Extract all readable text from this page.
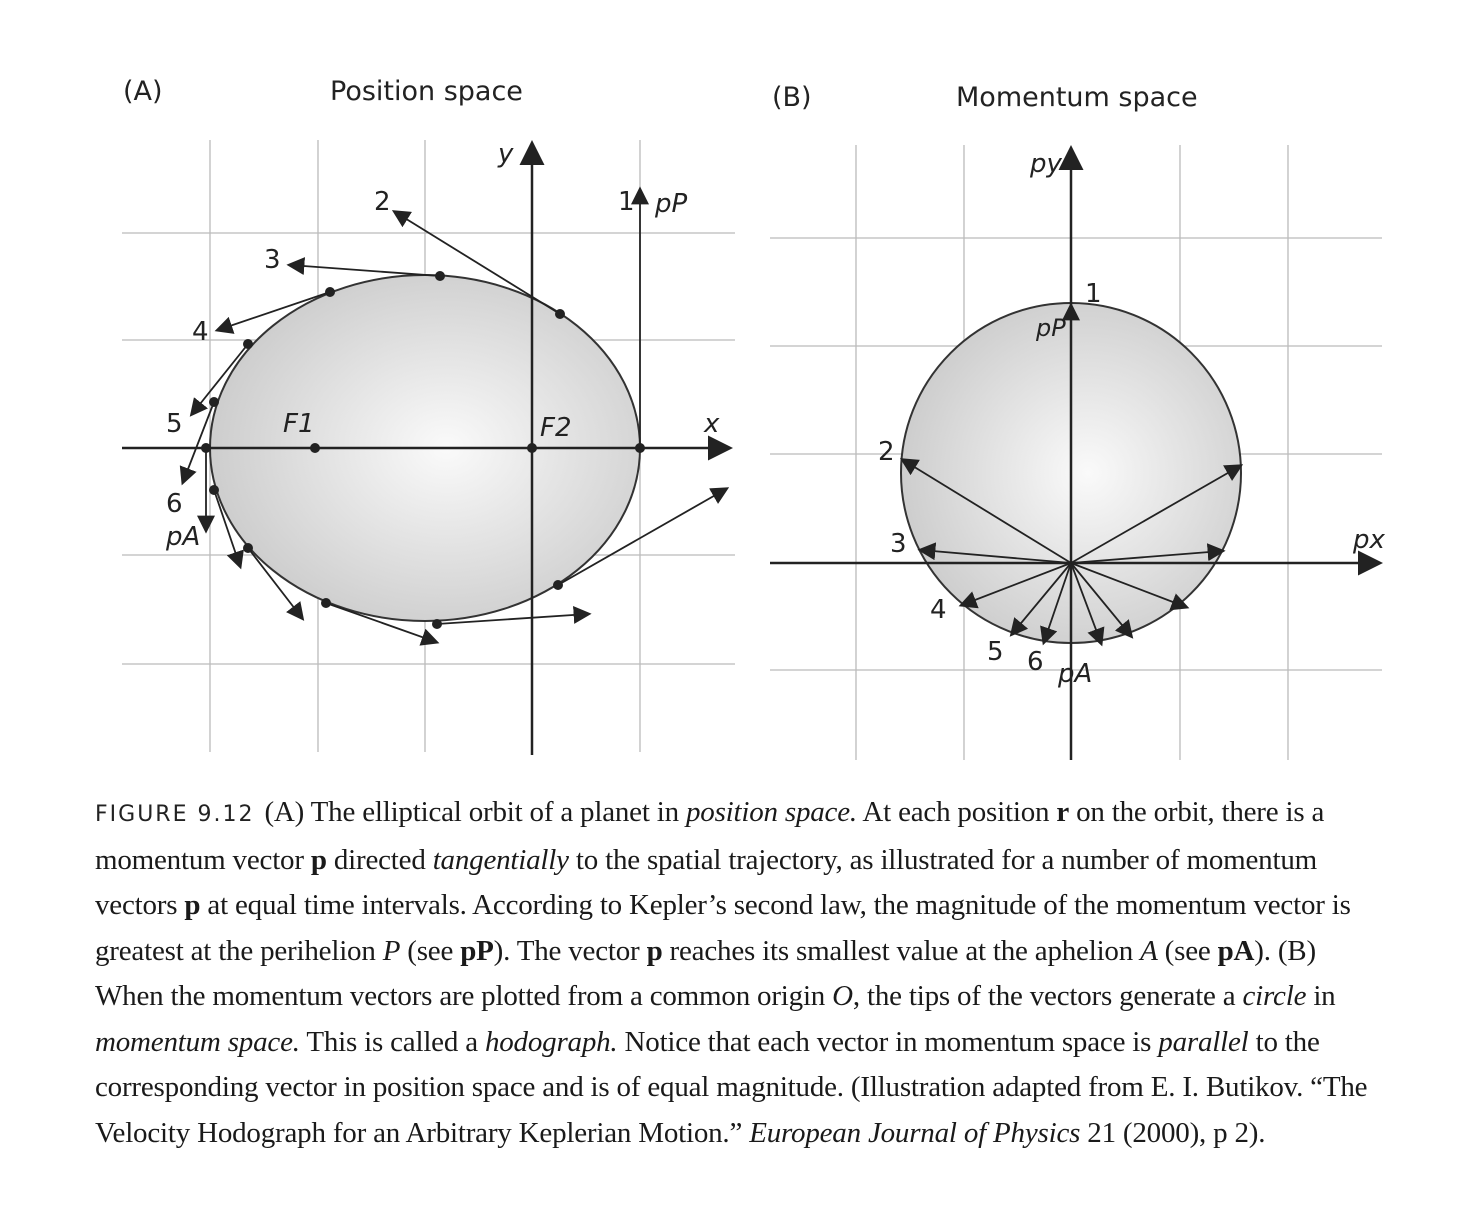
(A)	Position space	(B)	Momentum space
y
x
F1	F2
1 pP
2
3
4
5
6
pA
py
px
1
pP
2
3
4
5 6 pA
FIGURE 9.12 (A) The elliptical orbit of a planet in position space. At each position r on the orbit, there is a momentum vector p directed tangentially to the spatial trajectory, as illustrated for a number of momentum vectors p at equal time intervals. According to Kepler’s second law, the magnitude of the momentum vector is greatest at the perihelion P (see pP). The vector p reaches its smallest value at the aphelion A (see pA). (B) When the momentum vectors are plotted from a common origin O, the tips of the vectors generate a circle in momentum space. This is called a hodograph. Notice that each vector in momentum space is parallel to the corresponding vector in position space and is of equal magnitude. (Illustration adapted from E. I. Butikov. “The Velocity Hodograph for an Arbitrary Keplerian Motion.” European Journal of Physics 21 (2000), p 2).
